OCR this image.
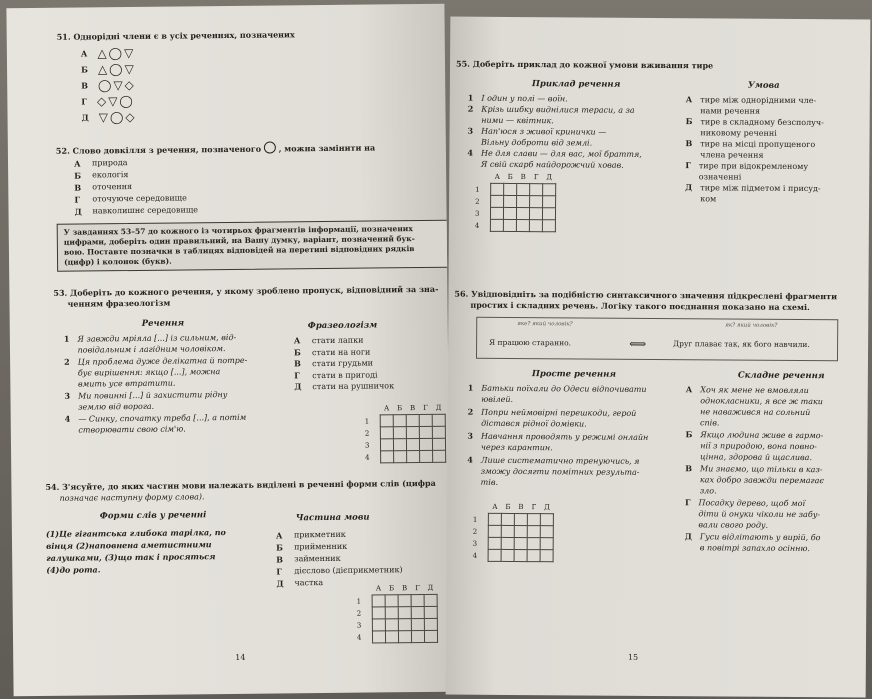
51. Однорідні члени є в усіх реченнях, позначених
А △◯▽
Б △◯▽
В ◯▽◇
Г ◇▽◯
Д ▽◯◇
52. Слово довкілля з речення, позначеного , можна замінити на
А	природа
Б	екологія
В	оточення
Г	оточуюче середовище
Д	навколишнє середовище
У завданнях 53–57 до кожного із чотирьох фрагментів інформації, позначених
цифрами, доберіть один правильний, на Вашу думку, варіант, позначений бук-
вою. Поставте позначки в таблицях відповідей на перетині відповідних рядків
(цифр) і колонок (букв).
53. Доберіть до кожного речення, у якому зроблено пропуск, відповідний за зна-
ченням фразеологізм
Речення	Фразеологізм
1 Я завжди мріяла [...] із сильним, від-
повідальним і лагідним чоловіком.
2 Ця проблема дуже делікатна й потре-
бує вирішення: якщо [...], можна
вмить усе втратити.
3 Ми повинні [...] й захистити рідну
землю від ворога.
4 — Синку, спочатку треба [...], а потім
створювати свою сім'ю.
А	стати лапки
Б	стати на ноги
В	стати грудьми
Г	стати в пригоді
Д	стати на рушничок
	А	Б	В	Г	Д
1					
2					
3					
4					
54. З'ясуйте, до яких частин мови належать виділені в реченні форми слів (цифра
позначає наступну форму слова).
Форми слів у реченні	Частина мови
(1)Це гігантська глибока тарілка, по
вінця (2)наповнена аметистними
галушками, (3)що так і просяться
(4)до рота.
А	прикметник
Б	прийменник
В	займенник
Г	дієслово (дієприкметник)
Д	частка
	А	Б	В	Г	Д
1					
2					
3					
4					
14
55. Доберіть приклад до кожної умови вживання тире
Приклад речення	Умова
1 І один у полі — воїн.
2 Крізь шибку виднілися тераси, а за
ними — квітник.
3 Нап'юся з живої кринички —
Вільну доброти від землі.
4 Не для слави — для вас, мої браття,
Я свій скарб найдорожчий ховав.
А тире між однорідними чле-
нами речення
Б тире в складному безсполуч-
никовому реченні
В тире на місці пропущеного
члена речення
Г тире при відокремленому
означенні
Д тире між підметом і присуд-
ком
	А	Б	В	Г	Д
1					
2					
3					
4					
56. Увідповідніть за подібністю синтаксичного значення підкреслені фрагменти
простих і складних речень. Логіку такого поєднання показано на схемі.
яке? який чоловік?
Я працюю старанно.	⟺
як? який чоловік?
Друг плаває так, як бого навчили.
Просте речення	Складне речення
1 Батьки поїхали до Одеси відпочивати
ювілей.
2 Попри неймовірні перешкоди, герой
дістався рідної домівки.
3 Навчання проводять у режимі онлайн
через карантин.
4 Лише систематично тренуючись, я
зможу досягти помітних результа-
тів.
А Хоч як мене не вмовляли
однокласники, я все ж таки
не наважився на сольний
спів.
Б Якщо людина живе в гармо-
нії з природою, вона повно-
цінна, здорова й щаслива.
В Ми знаємо, що тільки в каз-
ках добро завжди перемагає
зло.
Г Посадку дерево, щоб мої
діти й онуки чіколи не забу-
вали свого роду.
Д Гуси відлітають у вирій, бо
в повітрі запахло осінню.
	А	Б	В	Г	Д
1					
2					
3					
4					
15
